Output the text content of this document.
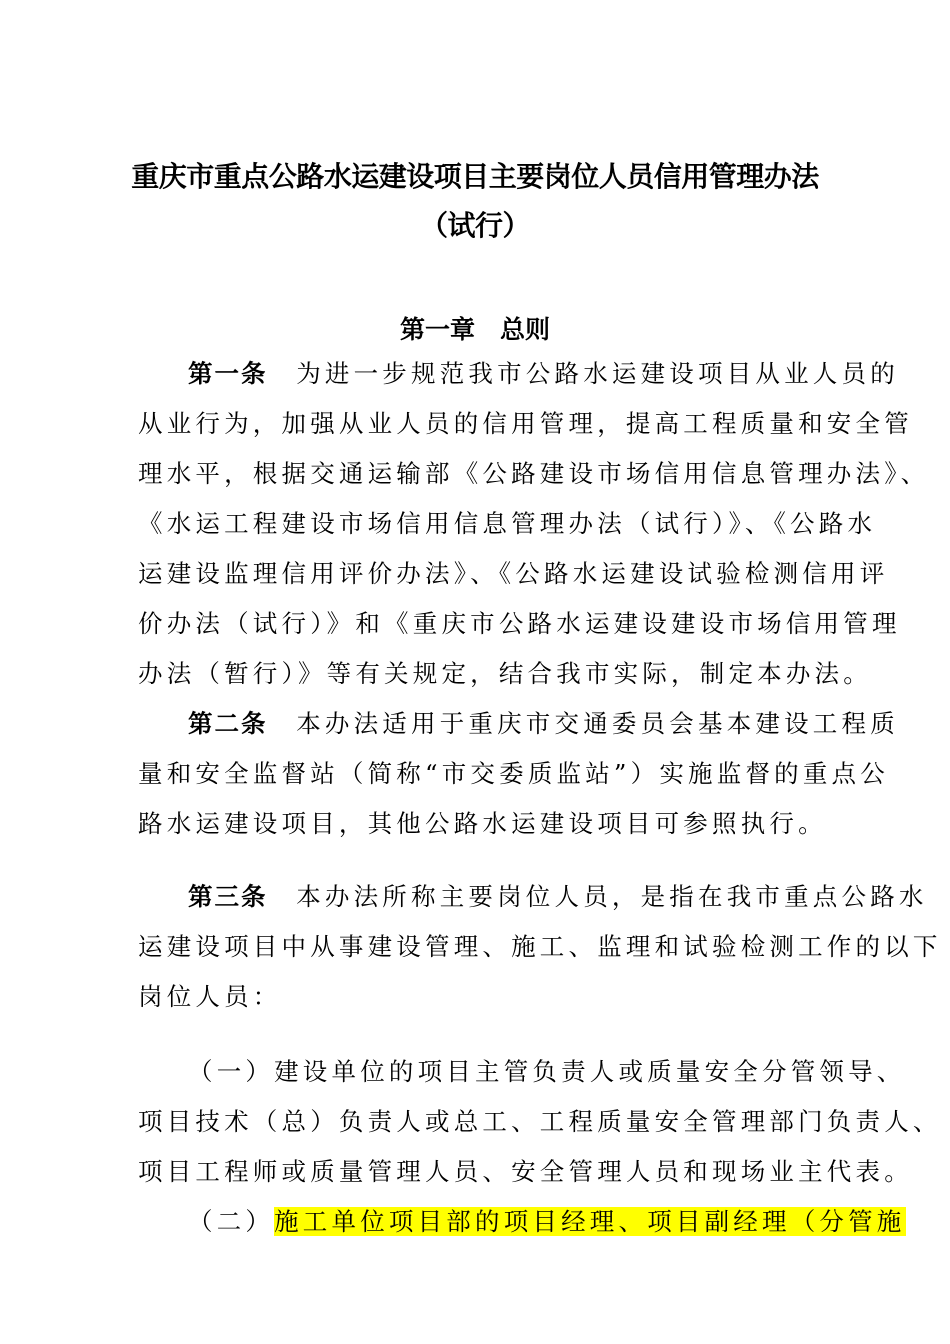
重庆市重点公路水运建设项目主要岗位人员信用管理办法
（试行）
第一章　总则
第一条　 为进一步规范我市公路水运建设项目从业人员的
从业行为，加强从业人员的信用管理，提高工程质量和安全管
理水平，根据交通运输部《公路建设市场信用信息管理办法》、
《水运工程建设市场信用信息管理办法（试行）》、《公路水
运建设监理信用评价办法》、《公路水运建设试验检测信用评
价办法（试行）》和《重庆市公路水运建设建设市场信用管理
办法（暂行）》等有关规定，结合我市实际，制定本办法。
第二条　 本办法适用于重庆市交通委员会基本建设工程质
量和安全监督站（简称“市交委质监站”）实施监督的重点公
路水运建设项目，其他公路水运建设项目可参照执行。
第三条　 本办法所称主要岗位人员，是指在我市重点公路水
运建设项目中从事建设管理、施工、监理和试验检测工作的以下
岗位人员：
（一）建设单位的项目主管负责人或质量安全分管领导、
项目技术（总）负责人或总工、工程质量安全管理部门负责人、
项目工程师或质量管理人员、安全管理人员和现场业主代表。
（二）施工单位项目部的项目经理、项目副经理（分管施
